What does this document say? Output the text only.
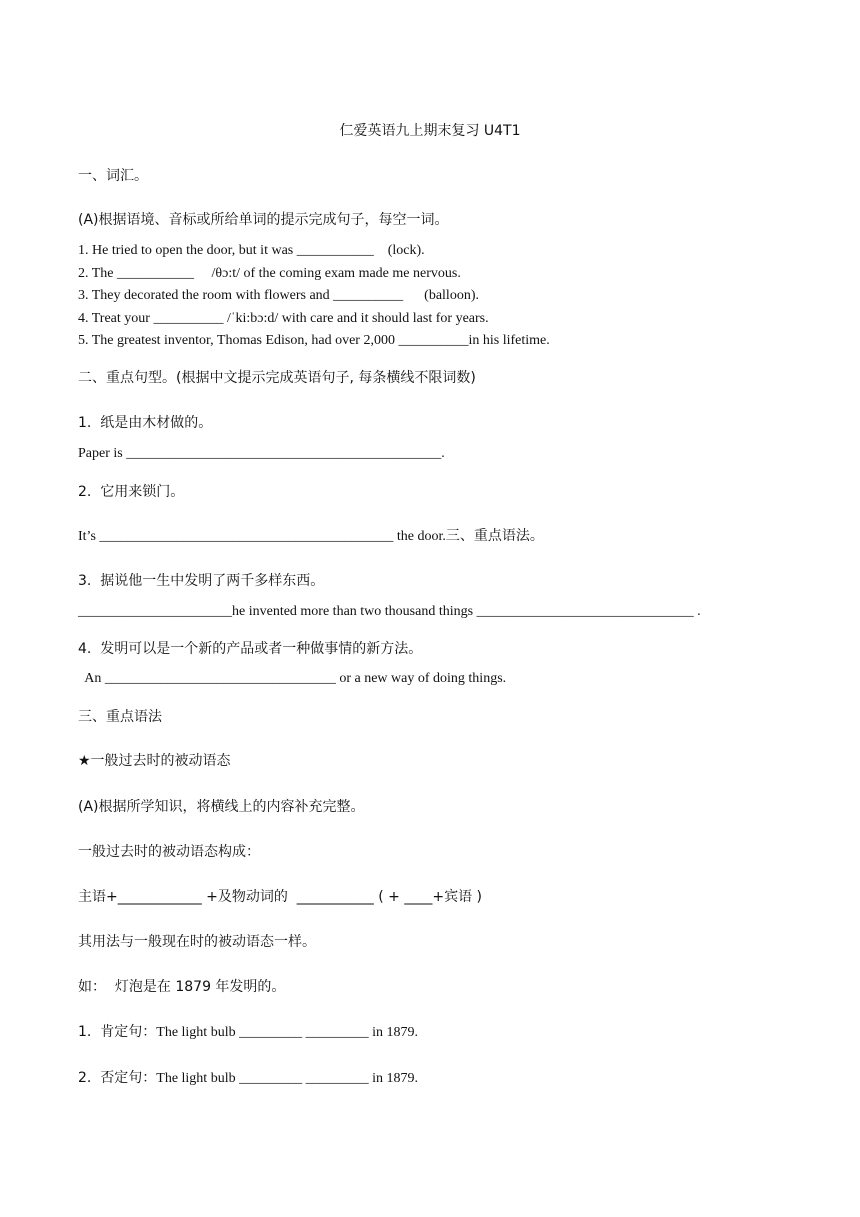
仁爱英语九上期末复习 U4T1
一、词汇。
(A)根据语境、音标或所给单词的提示完成句子，每空一词。
1. He tried to open the door, but it was ___________    (lock).
2. The ___________     /θɔ:t/ of the coming exam made me nervous.
3. They decorated the room with flowers and __________      (balloon).
4. Treat your __________ /ˈki:bɔ:d/ with care and it should last for years.
5. The greatest inventor, Thomas Edison, had over 2,000 __________in his lifetime.
二、重点句型。(根据中文提示完成英语句子, 每条横线不限词数)
1.  纸是由木材做的。
Paper is _____________________________________________.
2.  它用来锁门。
It’s __________________________________________ the door.三、重点语法。
3.  据说他一生中发明了两千多样东西。
______________________he invented more than two thousand things _______________________________ .
4.  发明可以是一个新的产品或者一种做事情的新方法。
An _________________________________ or a new way of doing things.
三、重点语法
★一般过去时的被动语态
(A)根据所学知识，将横线上的内容补充完整。
一般过去时的被动语态构成：
主语+____________ +及物动词的  ___________ ( + ____+宾语 )
其用法与一般现在时的被动语态一样。
如：  灯泡是在 1879 年发明的。
1.  肯定句：The light bulb _________ _________ in 1879.
2.  否定句：The light bulb _________ _________ in 1879.
